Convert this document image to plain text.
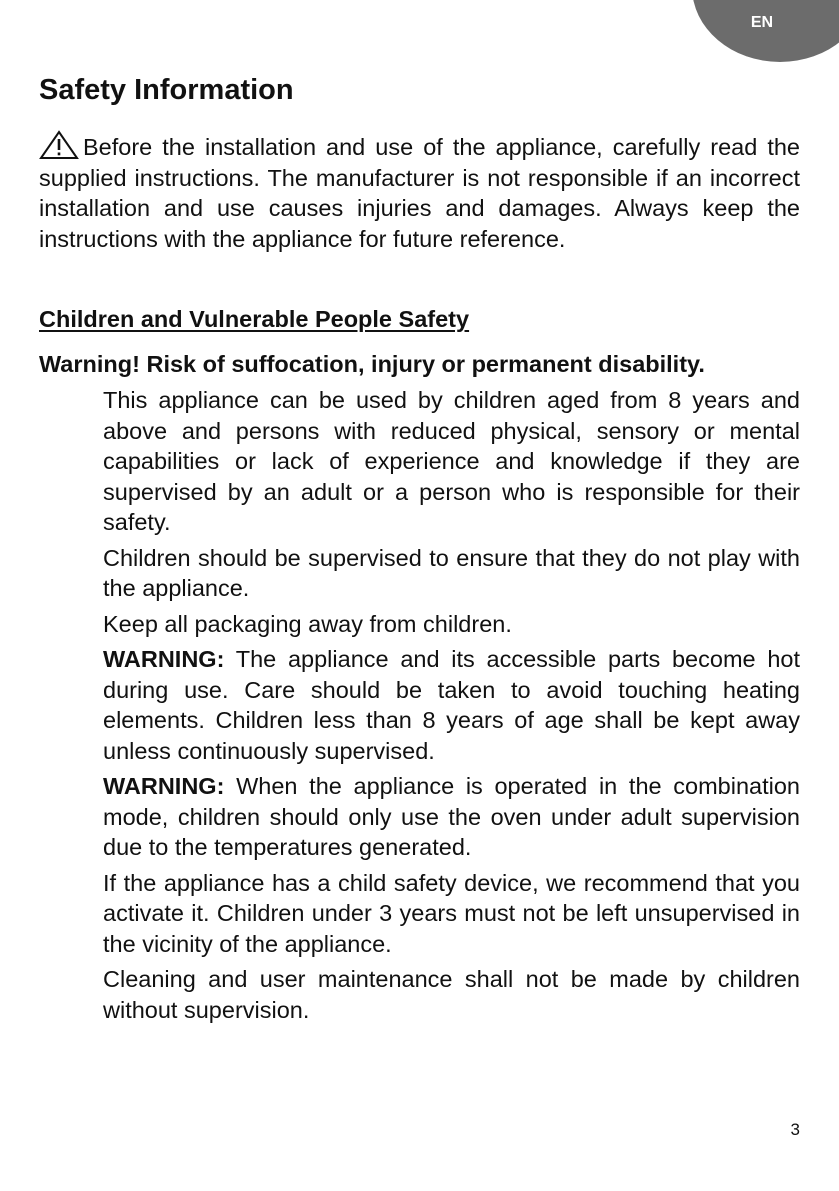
EN
Safety Information

Before the installation and use of the appliance, carefully read the supplied instructions. The manufacturer is not responsible if an incorrect installation and use causes injuries and damages. Always keep the instructions with the appliance for future reference.

Children and Vulnerable People Safety

Warning! Risk of suffocation, injury or permanent disability.

This appliance can be used by children aged from 8 years and above and persons with reduced physical, sensory or mental capabilities or lack of experience and knowledge if they are supervised by an adult or a person who is responsible for their safety.
Children should be supervised to ensure that they do not play with the appliance.
Keep all packaging away from children.
WARNING: The appliance and its accessible parts become hot during use. Care should be taken to avoid touching heating elements. Children less than 8 years of age shall be kept away unless continuously supervised.
WARNING: When the appliance is operated in the combination mode, children should only use the oven under adult supervision due to the temperatures generated.
If the appliance has a child safety device, we recommend that you activate it. Children under 3 years must not be left unsupervised in the vicinity of the appliance.
Cleaning and user maintenance shall not be made by children without supervision.
3
